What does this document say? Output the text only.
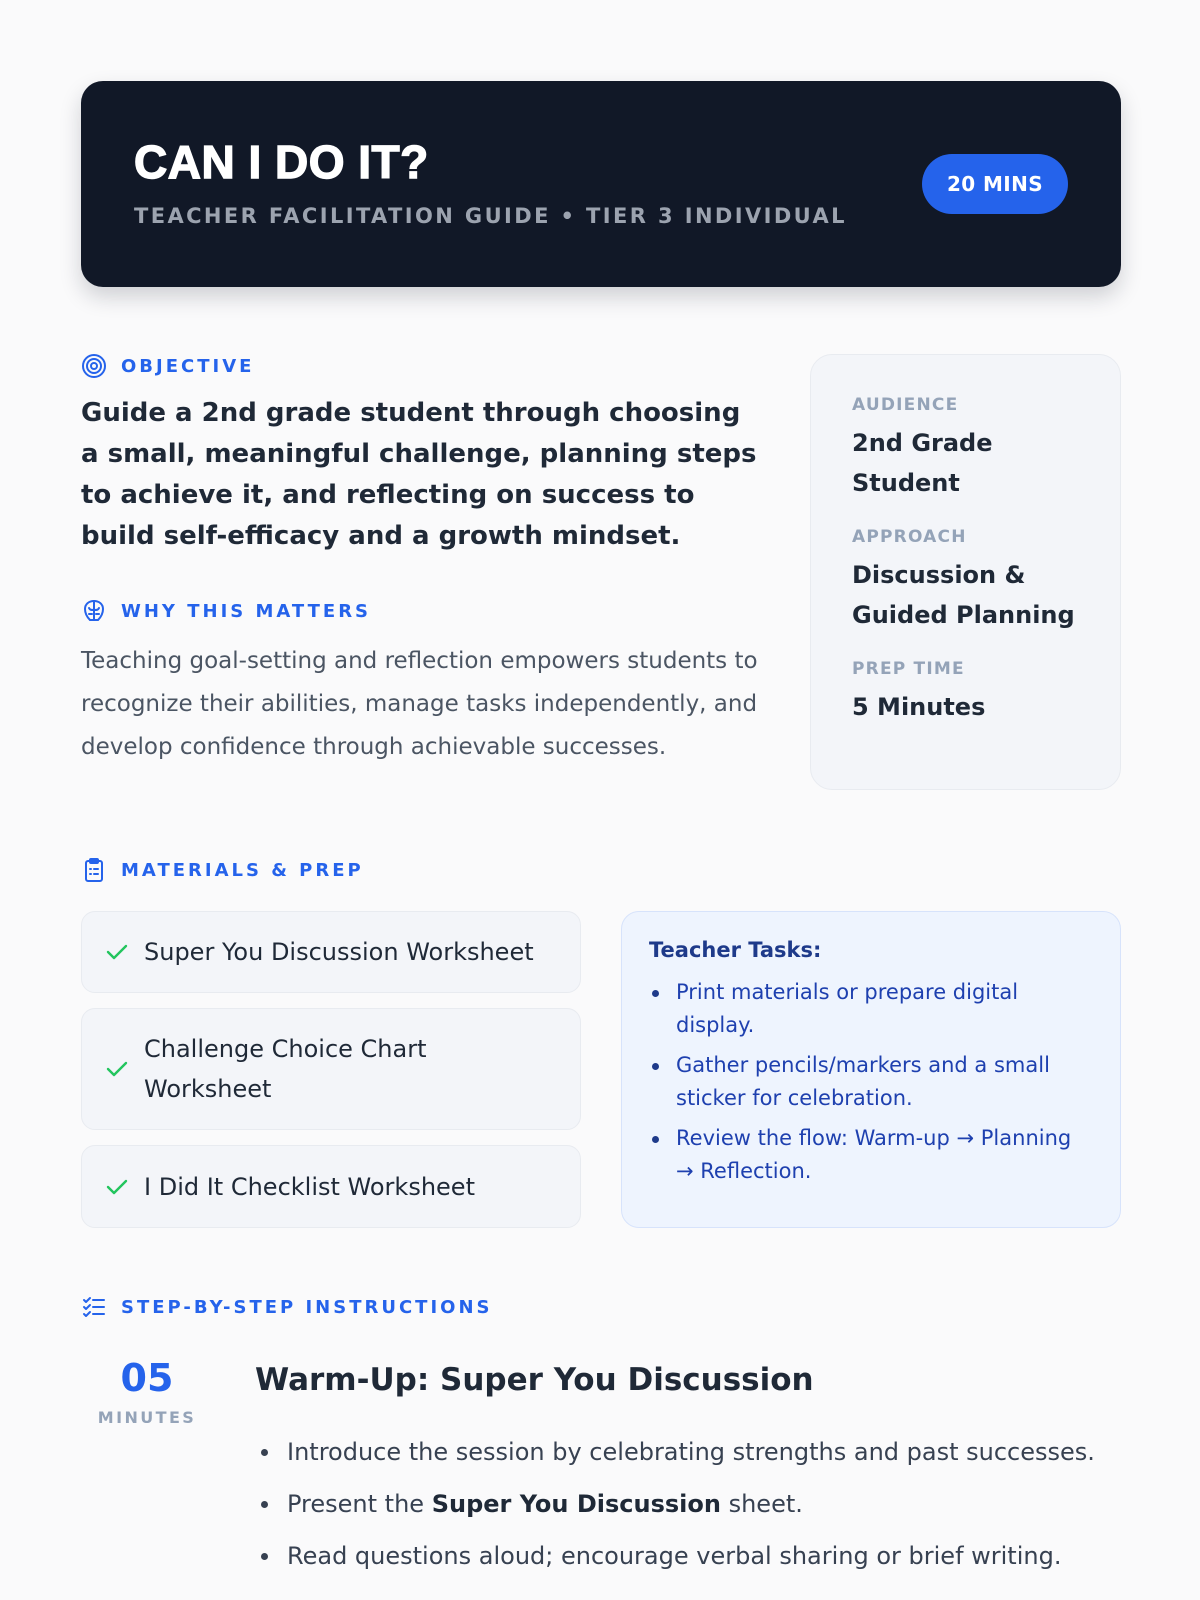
CAN I DO IT?
TEACHER FACILITATION GUIDE • TIER 3 INDIVIDUAL
20 MINS
OBJECTIVE
Guide a 2nd grade student through choosing a small, meaningful challenge, planning steps to achieve it, and reflecting on success to build self-efficacy and a growth mindset.
WHY THIS MATTERS
Teaching goal-setting and reflection empowers students to recognize their abilities, manage tasks independently, and develop confidence through achievable successes.
AUDIENCE
2nd Grade Student
APPROACH
Discussion & Guided Planning
PREP TIME
5 Minutes
MATERIALS & PREP
Super You Discussion Worksheet
Challenge Choice Chart Worksheet
I Did It Checklist Worksheet
Teacher Tasks:
Print materials or prepare digital display.
Gather pencils/markers and a small sticker for celebration.
Review the flow: Warm-up → Planning → Reflection.
STEP-BY-STEP INSTRUCTIONS
05
MINUTES
Warm-Up: Super You Discussion
Introduce the session by celebrating strengths and past successes.
Present the Super You Discussion sheet.
Read questions aloud; encourage verbal sharing or brief writing.
